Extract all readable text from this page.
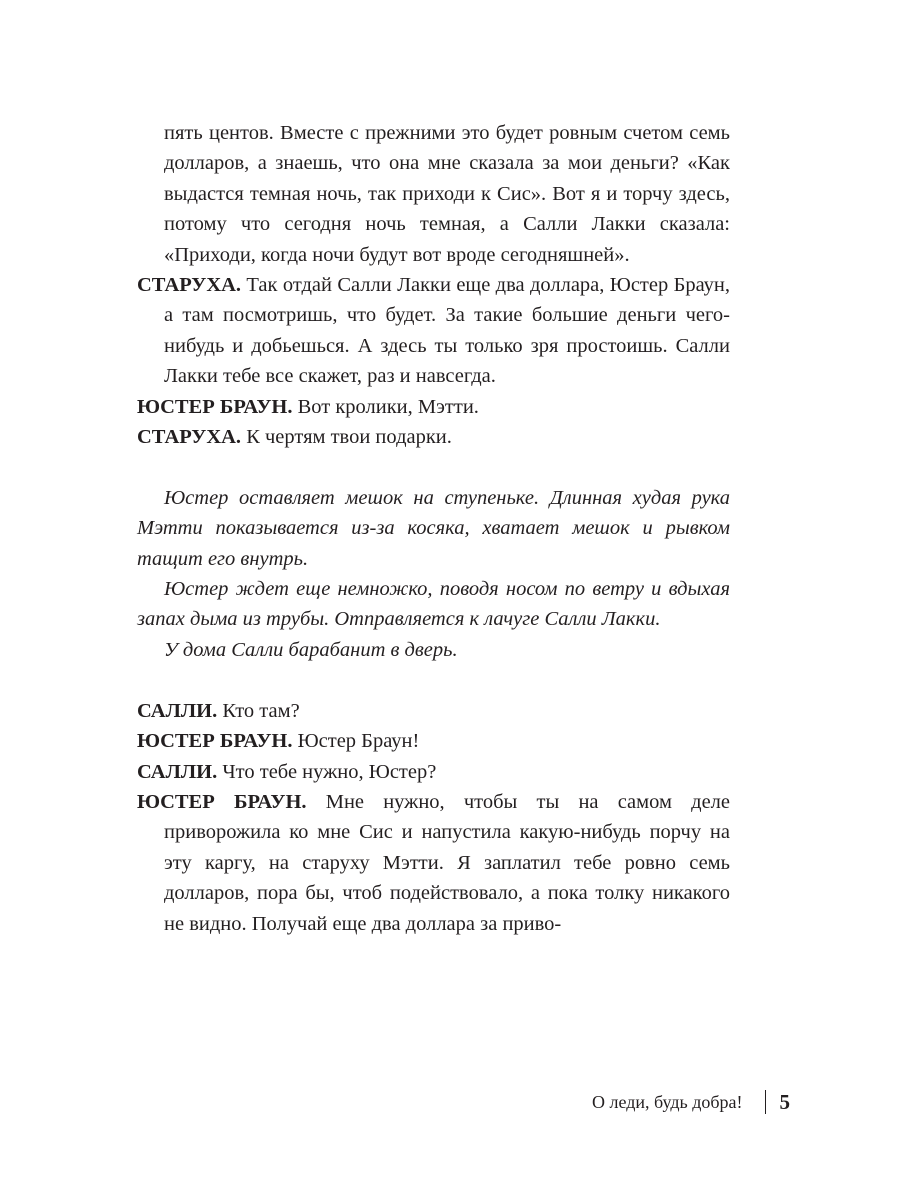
пять центов. Вместе с прежними это будет ровным счетом семь долларов, а знаешь, что она мне сказала за мои деньги? «Как выдастся темная ночь, так приходи к Сис». Вот я и торчу здесь, потому что сегодня ночь темная, а Салли Лакки сказала: «Приходи, когда ночи будут вот вроде сегодняшней».

СТАРУХА. Так отдай Салли Лакки еще два доллара, Юстер Браун, а там посмотришь, что будет. За такие большие деньги чего-нибудь и добьешься. А здесь ты только зря простоишь. Салли Лакки тебе все скажет, раз и навсегда.

ЮСТЕР БРАУН. Вот кролики, Мэтти.

СТАРУХА. К чертям твои подарки.

Юстер оставляет мешок на ступеньке. Длинная худая рука Мэтти показывается из-за косяка, хватает мешок и рывком тащит его внутрь.

Юстер ждет еще немножко, поводя носом по ветру и вдыхая запах дыма из трубы. Отправляется к лачуге Салли Лакки.

У дома Салли барабанит в дверь.

САЛЛИ. Кто там?

ЮСТЕР БРАУН. Юстер Браун!

САЛЛИ. Что тебе нужно, Юстер?

ЮСТЕР БРАУН. Мне нужно, чтобы ты на самом деле приворожила ко мне Сис и напустила какую-нибудь порчу на эту каргу, на старуху Мэтти. Я заплатил тебе ровно семь долларов, пора бы, чтоб подействовало, а пока толку никакого не видно. Получай еще два доллара за приво-

О леди, будь добра! 5
